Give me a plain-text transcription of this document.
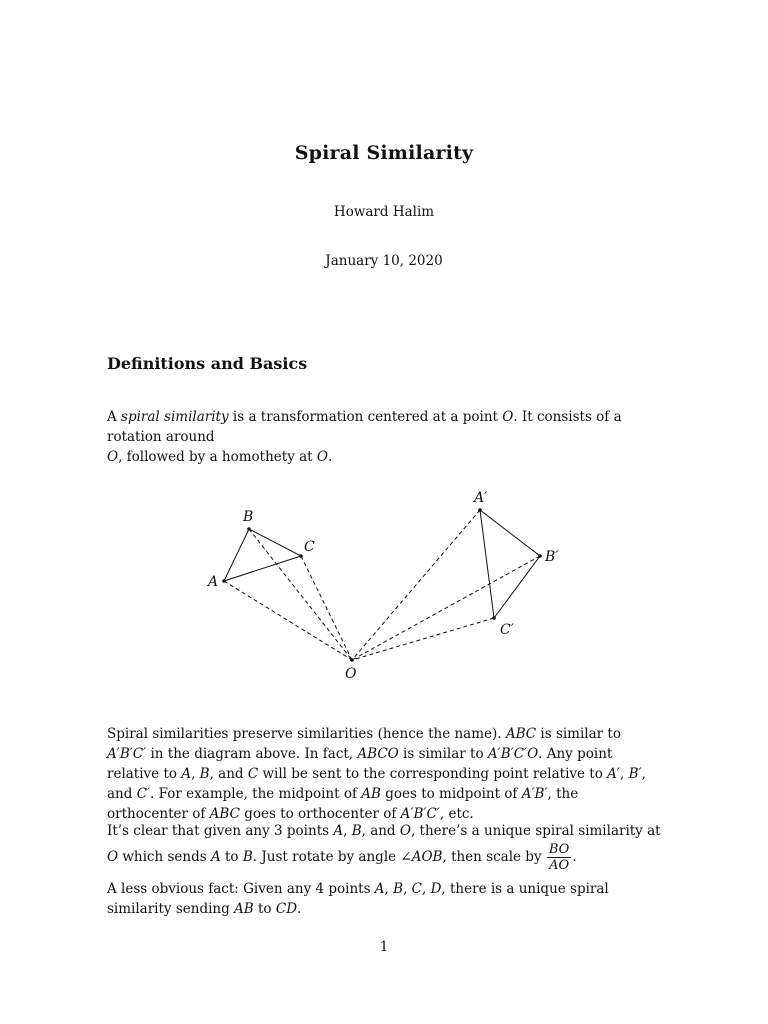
Spiral Similarity
Howard Halim
January 10, 2020
Definitions and Basics

A spiral similarity is a transformation centered at a point O. It consists of a rotation around
O, followed by a homothety at O.

A
B
C
O
A′
B′
C′

Spiral similarities preserve similarities (hence the name). ABC is similar to A′B′C′ in the diagram above. In fact, ABCO is similar to A′B′C′O. Any point relative to A, B, and C will be sent to the corresponding point relative to A′, B′, and C′. For example, the midpoint of AB goes to midpoint of A′B′, the orthocenter of ABC goes to orthocenter of A′B′C′, etc.

It’s clear that given any 3 points A, B, and O, there’s a unique spiral similarity at O which sends A to B. Just rotate by angle ∠AOB, then scale by $\frac{BO}{AO}$ .

A less obvious fact: Given any 4 points A, B, C, D, there is a unique spiral similarity sending AB to CD.

1
